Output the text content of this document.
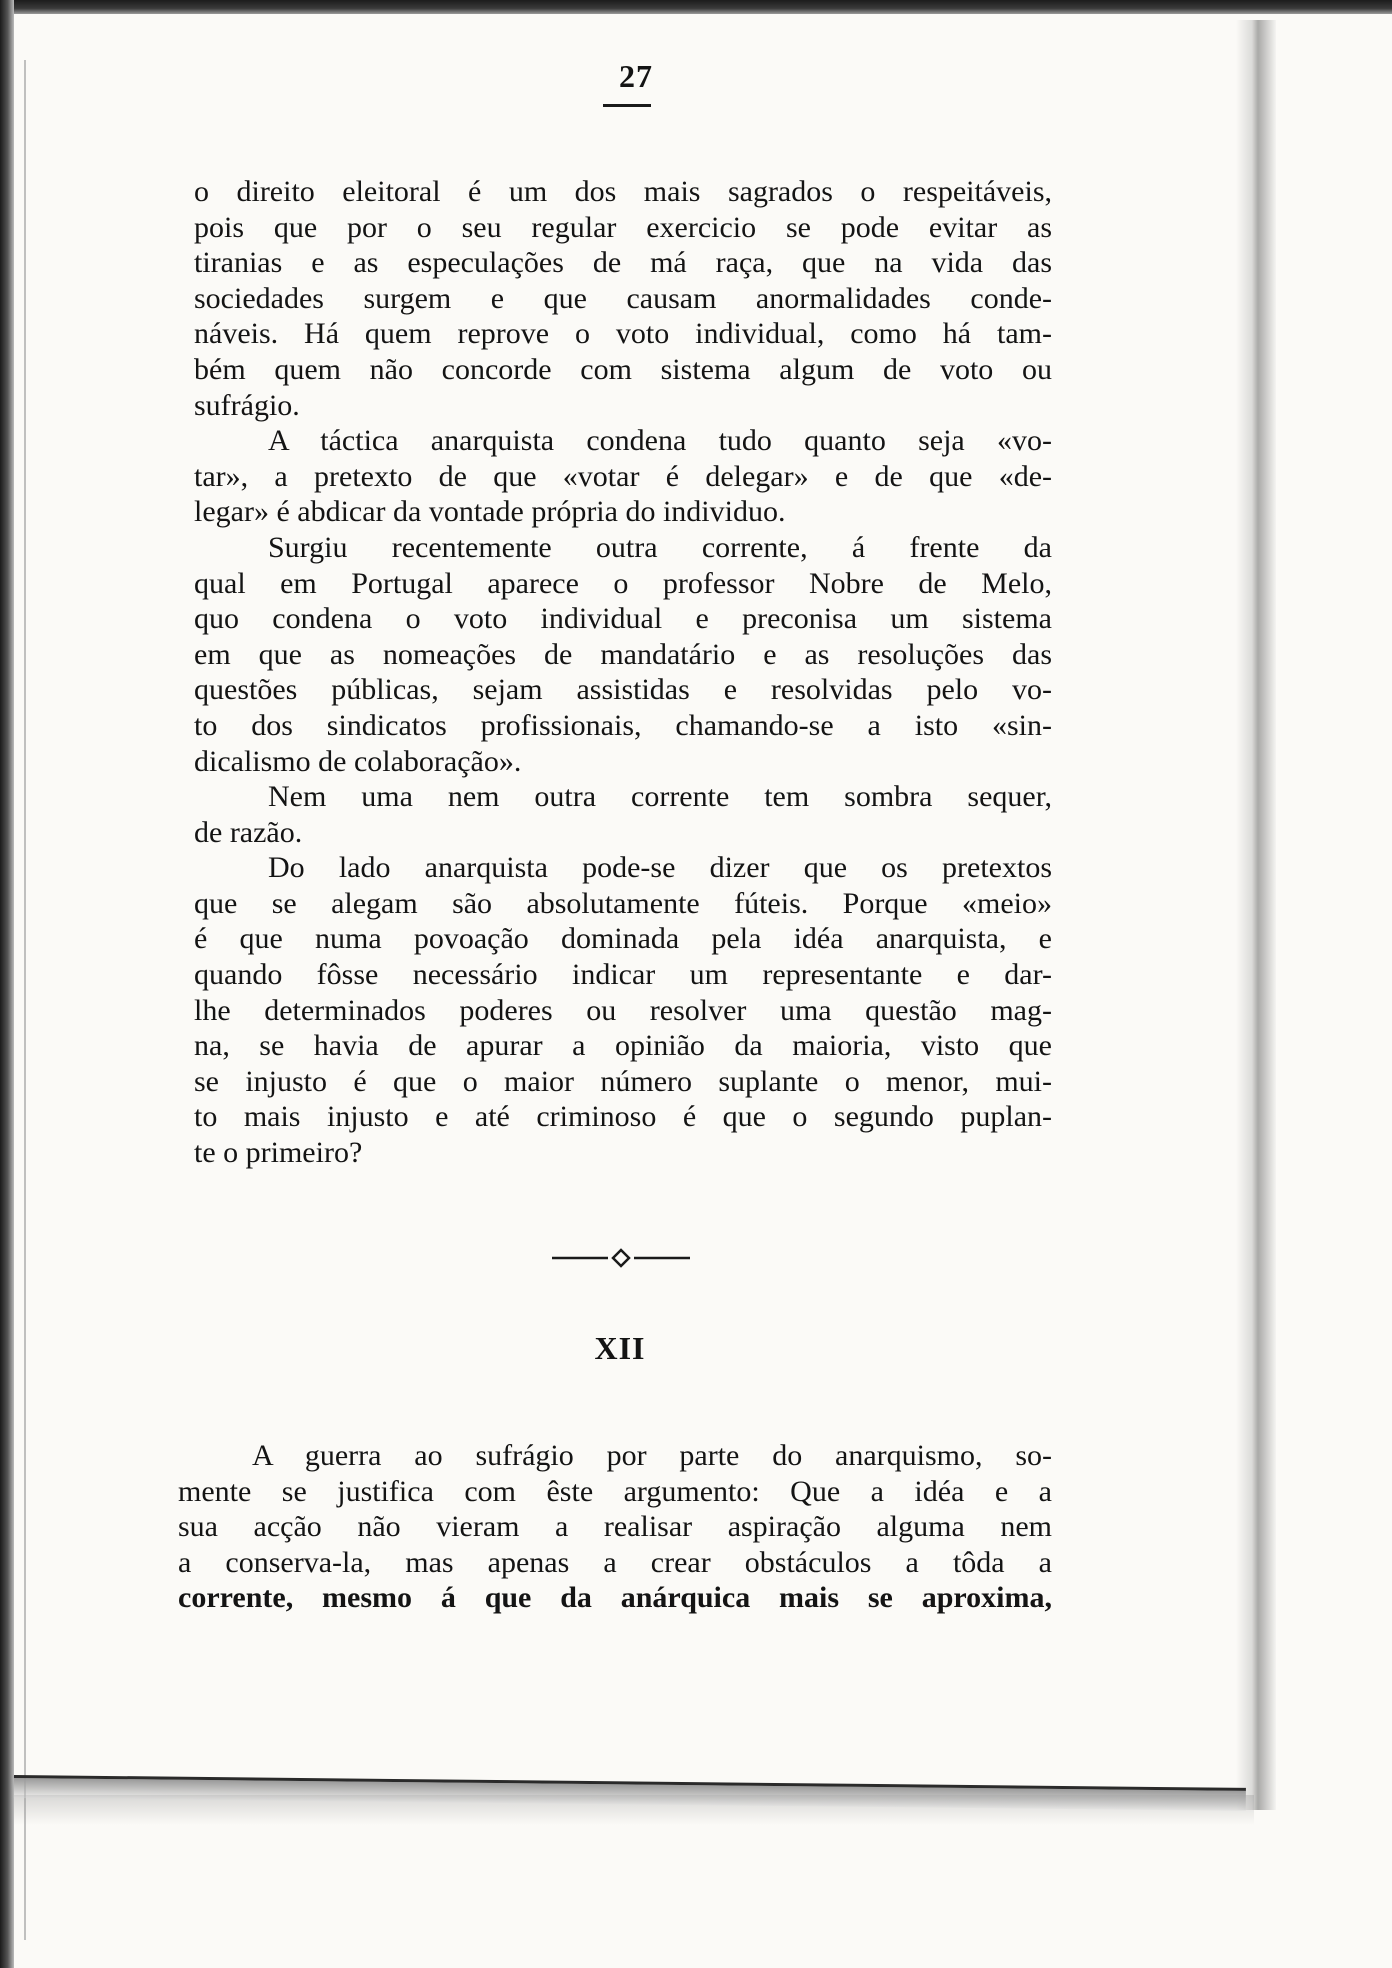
27
o direito eleitoral é um dos mais sagrados o respeitáveis,
pois que por o seu regular exercicio se pode evitar as
tiranias e as especulações de má raça, que na vida das
sociedades surgem e que causam anormalidades conde-
náveis. Há quem reprove o voto individual, como há tam-
bém quem não concorde com sistema algum de voto ou
sufrágio.
A táctica anarquista condena tudo quanto seja «vo-
tar», a pretexto de que «votar é delegar» e de que «de-
legar» é abdicar da vontade própria do individuo.
Surgiu recentemente outra corrente, á frente da
qual em Portugal aparece o professor Nobre de Melo,
quo condena o voto individual e preconisa um sistema
em que as nomeações de mandatário e as resoluções das
questões públicas, sejam assistidas e resolvidas pelo vo-
to dos sindicatos profissionais, chamando-se a isto «sin-
dicalismo de colaboração».
Nem uma nem outra corrente tem sombra sequer,
de razão.
Do lado anarquista pode-se dizer que os pretextos
que se alegam são absolutamente fúteis. Porque «meio»
é que numa povoação dominada pela idéa anarquista, e
quando fôsse necessário indicar um representante e dar-
lhe determinados poderes ou resolver uma questão mag-
na, se havia de apurar a opinião da maioria, visto que
se injusto é que o maior número suplante o menor, mui-
to mais injusto e até criminoso é que o segundo puplan-
te o primeiro?
XII
A guerra ao sufrágio por parte do anarquismo, so-
mente se justifica com êste argumento: Que a idéa e a
sua acção não vieram a realisar aspiração alguma nem
a conserva-la, mas apenas a crear obstáculos a tôda a
corrente, mesmo á que da anárquica mais se aproxima,
